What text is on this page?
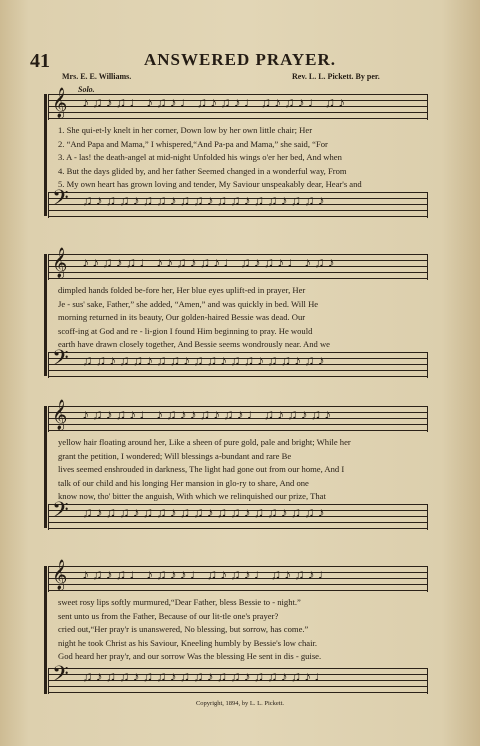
41	ANSWERED PRAYER.
Mrs. E. E. Williams.	Rev. L. L. Pickett. By per.
Solo.
𝄞 ♪♫♪♫♩♪♫♪♩♫♪♫♪♩♫♪♫♪♩♫♪
1. She qui-et-ly knelt in her corner, Down low by her own little chair; Her
2. “And Papa and Mama,” I whispered,“And Pa-pa and Mama,” she said, “For
3. A - las! the death-angel at mid-night Unfolded his wings o'er her bed, And when
4. But the days glided by, and her father Seemed changed in a wonderful way, From
5. My own heart has grown loving and tender, My Saviour unspeakably dear, Hear's and
𝄢 ♫♪♫♫♪♫♫♪♫♫♪♫♫♪♫♫♪♫♫♪
𝄞 ♪♪♫♪♫♩♪♪♫♪♫♪♩♫♪♫♪♩♪♫♪
dimpled hands folded be-fore her, Her blue eyes uplift-ed in prayer, Her
Je - sus' sake, Father,” she added, “Amen,” and was quickly in bed. Will He
morning returned in its beauty, Our golden-haired Bessie was dead. Our
scoff-ing at God and re - li-gion I found Him beginning to pray. He would
earth have drawn closely together, And Bessie seems wondrously near. And we
𝄢 ♫♫♪♫♫♪♫♫♪♫♫♪♫♫♪♫♫♪♫♪
𝄞 ♪♫♪♫♪♩♪♫♪♪♫♪♫♪♩♫♪♫♪♫♪
yellow hair floating around her, Like a sheen of pure gold, pale and bright; While her
grant the petition, I wondered; Will blessings a-bundant and rare Be
lives seemed enshrouded in darkness, The light had gone out from our home, And I
talk of our child and his longing Her mansion in glo-ry to share, And one
know now, tho' bitter the anguish, With which we relinquished our prize, That
𝄢 ♫♪♫♫♪♫♫♪♫♫♪♫♫♪♫♫♪♫♫♪
𝄞 ♪♫♪♫♩♪♫♪♪♩♫♪♫♪♩♫♪♫♪♩
sweet rosy lips softly murmured,“Dear Father, bless Bessie to - night.”
sent unto us from the Father, Because of our lit-tle one's prayer?
cried out,“Her pray'r is unanswered, No blessing, but sorrow, has come.”
night he took Christ as his Saviour, Kneeling humbly by Bessie's low chair.
God heard her pray'r, and our sorrow Was the blessing He sent in dis - guise.
𝄢 ♫♪♫♫♪♫♫♪♫♫♪♫♫♪♫♫♪♫♪♩
Copyright, 1894, by L. L. Pickett.
